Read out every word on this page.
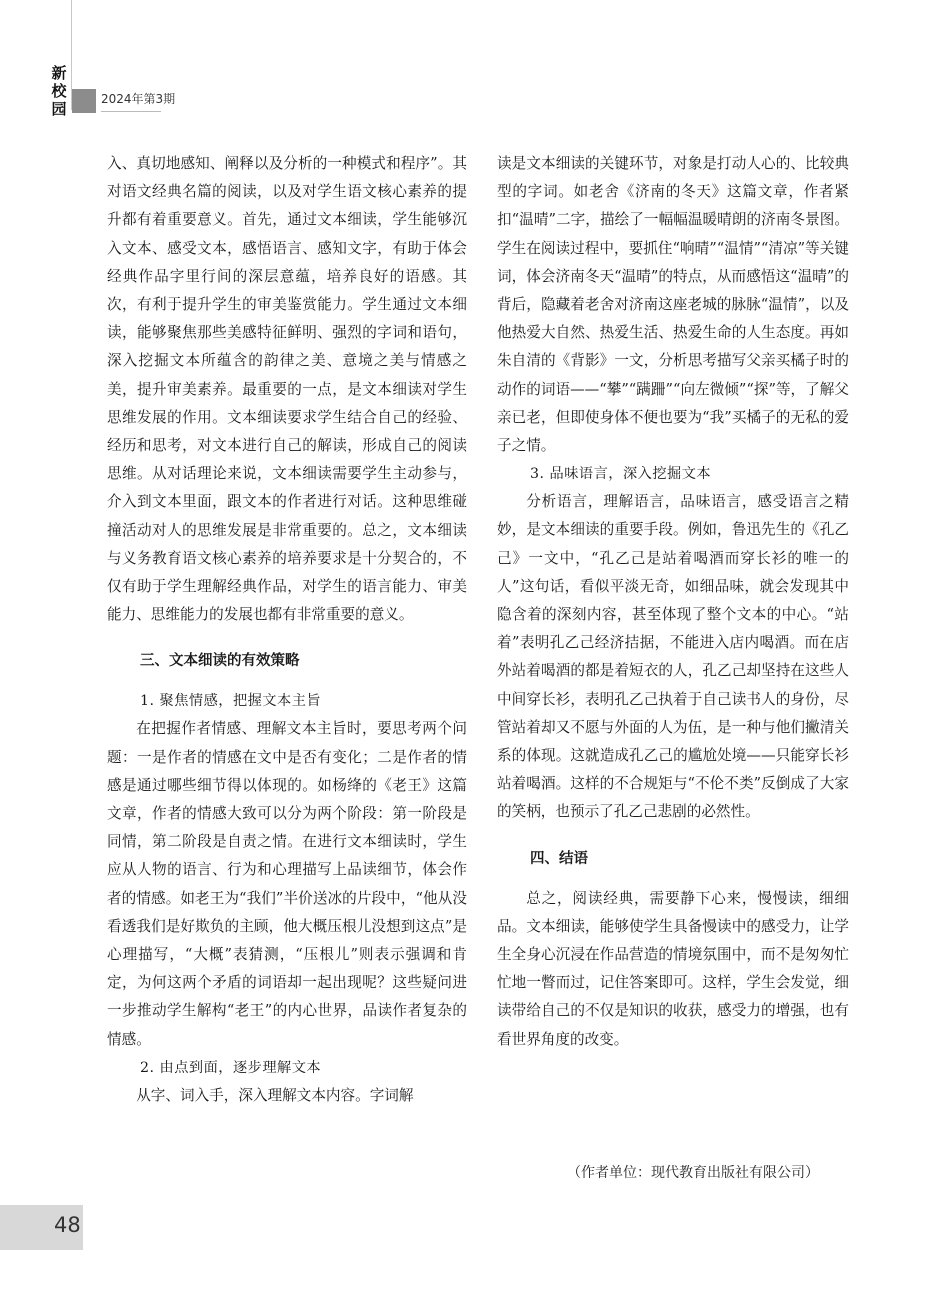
新
校
园
2024年第3期

入、真切地感知、阐释以及分析的一种模式和程序”。其对语文经典名篇的阅读，以及对学生语文核心素养的提升都有着重要意义。首先，通过文本细读，学生能够沉入文本、感受文本，感悟语言、感知文字，有助于体会经典作品字里行间的深层意蕴，培养良好的语感。其次，有利于提升学生的审美鉴赏能力。学生通过文本细读，能够聚焦那些美感特征鲜明、强烈的字词和语句，深入挖掘文本所蕴含的韵律之美、意境之美与情感之美，提升审美素养。最重要的一点，是文本细读对学生思维发展的作用。文本细读要求学生结合自己的经验、经历和思考，对文本进行自己的解读，形成自己的阅读思维。从对话理论来说，文本细读需要学生主动参与，介入到文本里面，跟文本的作者进行对话。这种思维碰撞活动对人的思维发展是非常重要的。总之，文本细读与义务教育语文核心素养的培养要求是十分契合的，不仅有助于学生理解经典作品，对学生的语言能力、审美能力、思维能力的发展也都有非常重要的意义。

三、文本细读的有效策略
1. 聚焦情感，把握文本主旨

在把握作者情感、理解文本主旨时，要思考两个问题：一是作者的情感在文中是否有变化；二是作者的情感是通过哪些细节得以体现的。如杨绛的《老王》这篇文章，作者的情感大致可以分为两个阶段：第一阶段是同情，第二阶段是自责之情。在进行文本细读时，学生应从人物的语言、行为和心理描写上品读细节，体会作者的情感。如老王为“我们”半价送冰的片段中，“他从没看透我们是好欺负的主顾，他大概压根儿没想到这点”是心理描写，“大概”表猜测，“压根儿”则表示强调和肯定，为何这两个矛盾的词语却一起出现呢？这些疑问进一步推动学生解构“老王”的内心世界，品读作者复杂的情感。

2. 由点到面，逐步理解文本

从字、词入手，深入理解文本内容。字词解

读是文本细读的关键环节，对象是打动人心的、比较典型的字词。如老舍《济南的冬天》这篇文章，作者紧扣“温晴”二字，描绘了一幅幅温暖晴朗的济南冬景图。学生在阅读过程中，要抓住“响晴”“温情”“清凉”等关键词，体会济南冬天“温晴”的特点，从而感悟这“温晴”的背后，隐藏着老舍对济南这座老城的脉脉“温情”，以及他热爱大自然、热爱生活、热爱生命的人生态度。再如朱自清的《背影》一文，分析思考描写父亲买橘子时的动作的词语——“攀”“蹒跚”“向左微倾”“探”等，了解父亲已老，但即使身体不便也要为“我”买橘子的无私的爱子之情。

3. 品味语言，深入挖掘文本

分析语言，理解语言，品味语言，感受语言之精妙，是文本细读的重要手段。例如，鲁迅先生的《孔乙己》一文中，“孔乙己是站着喝酒而穿长衫的唯一的人”这句话，看似平淡无奇，如细品味，就会发现其中隐含着的深刻内容，甚至体现了整个文本的中心。“站着”表明孔乙己经济拮据，不能进入店内喝酒。而在店外站着喝酒的都是着短衣的人，孔乙己却坚持在这些人中间穿长衫，表明孔乙己执着于自己读书人的身份，尽管站着却又不愿与外面的人为伍，是一种与他们撇清关系的体现。这就造成孔乙己的尴尬处境——只能穿长衫站着喝酒。这样的不合规矩与“不伦不类”反倒成了大家的笑柄，也预示了孔乙己悲剧的必然性。

四、结语

总之，阅读经典，需要静下心来，慢慢读，细细品。文本细读，能够使学生具备慢读中的感受力，让学生全身心沉浸在作品营造的情境氛围中，而不是匆匆忙忙地一瞥而过，记住答案即可。这样，学生会发觉，细读带给自己的不仅是知识的收获，感受力的增强，也有看世界角度的改变。

（作者单位：现代教育出版社有限公司）
48
